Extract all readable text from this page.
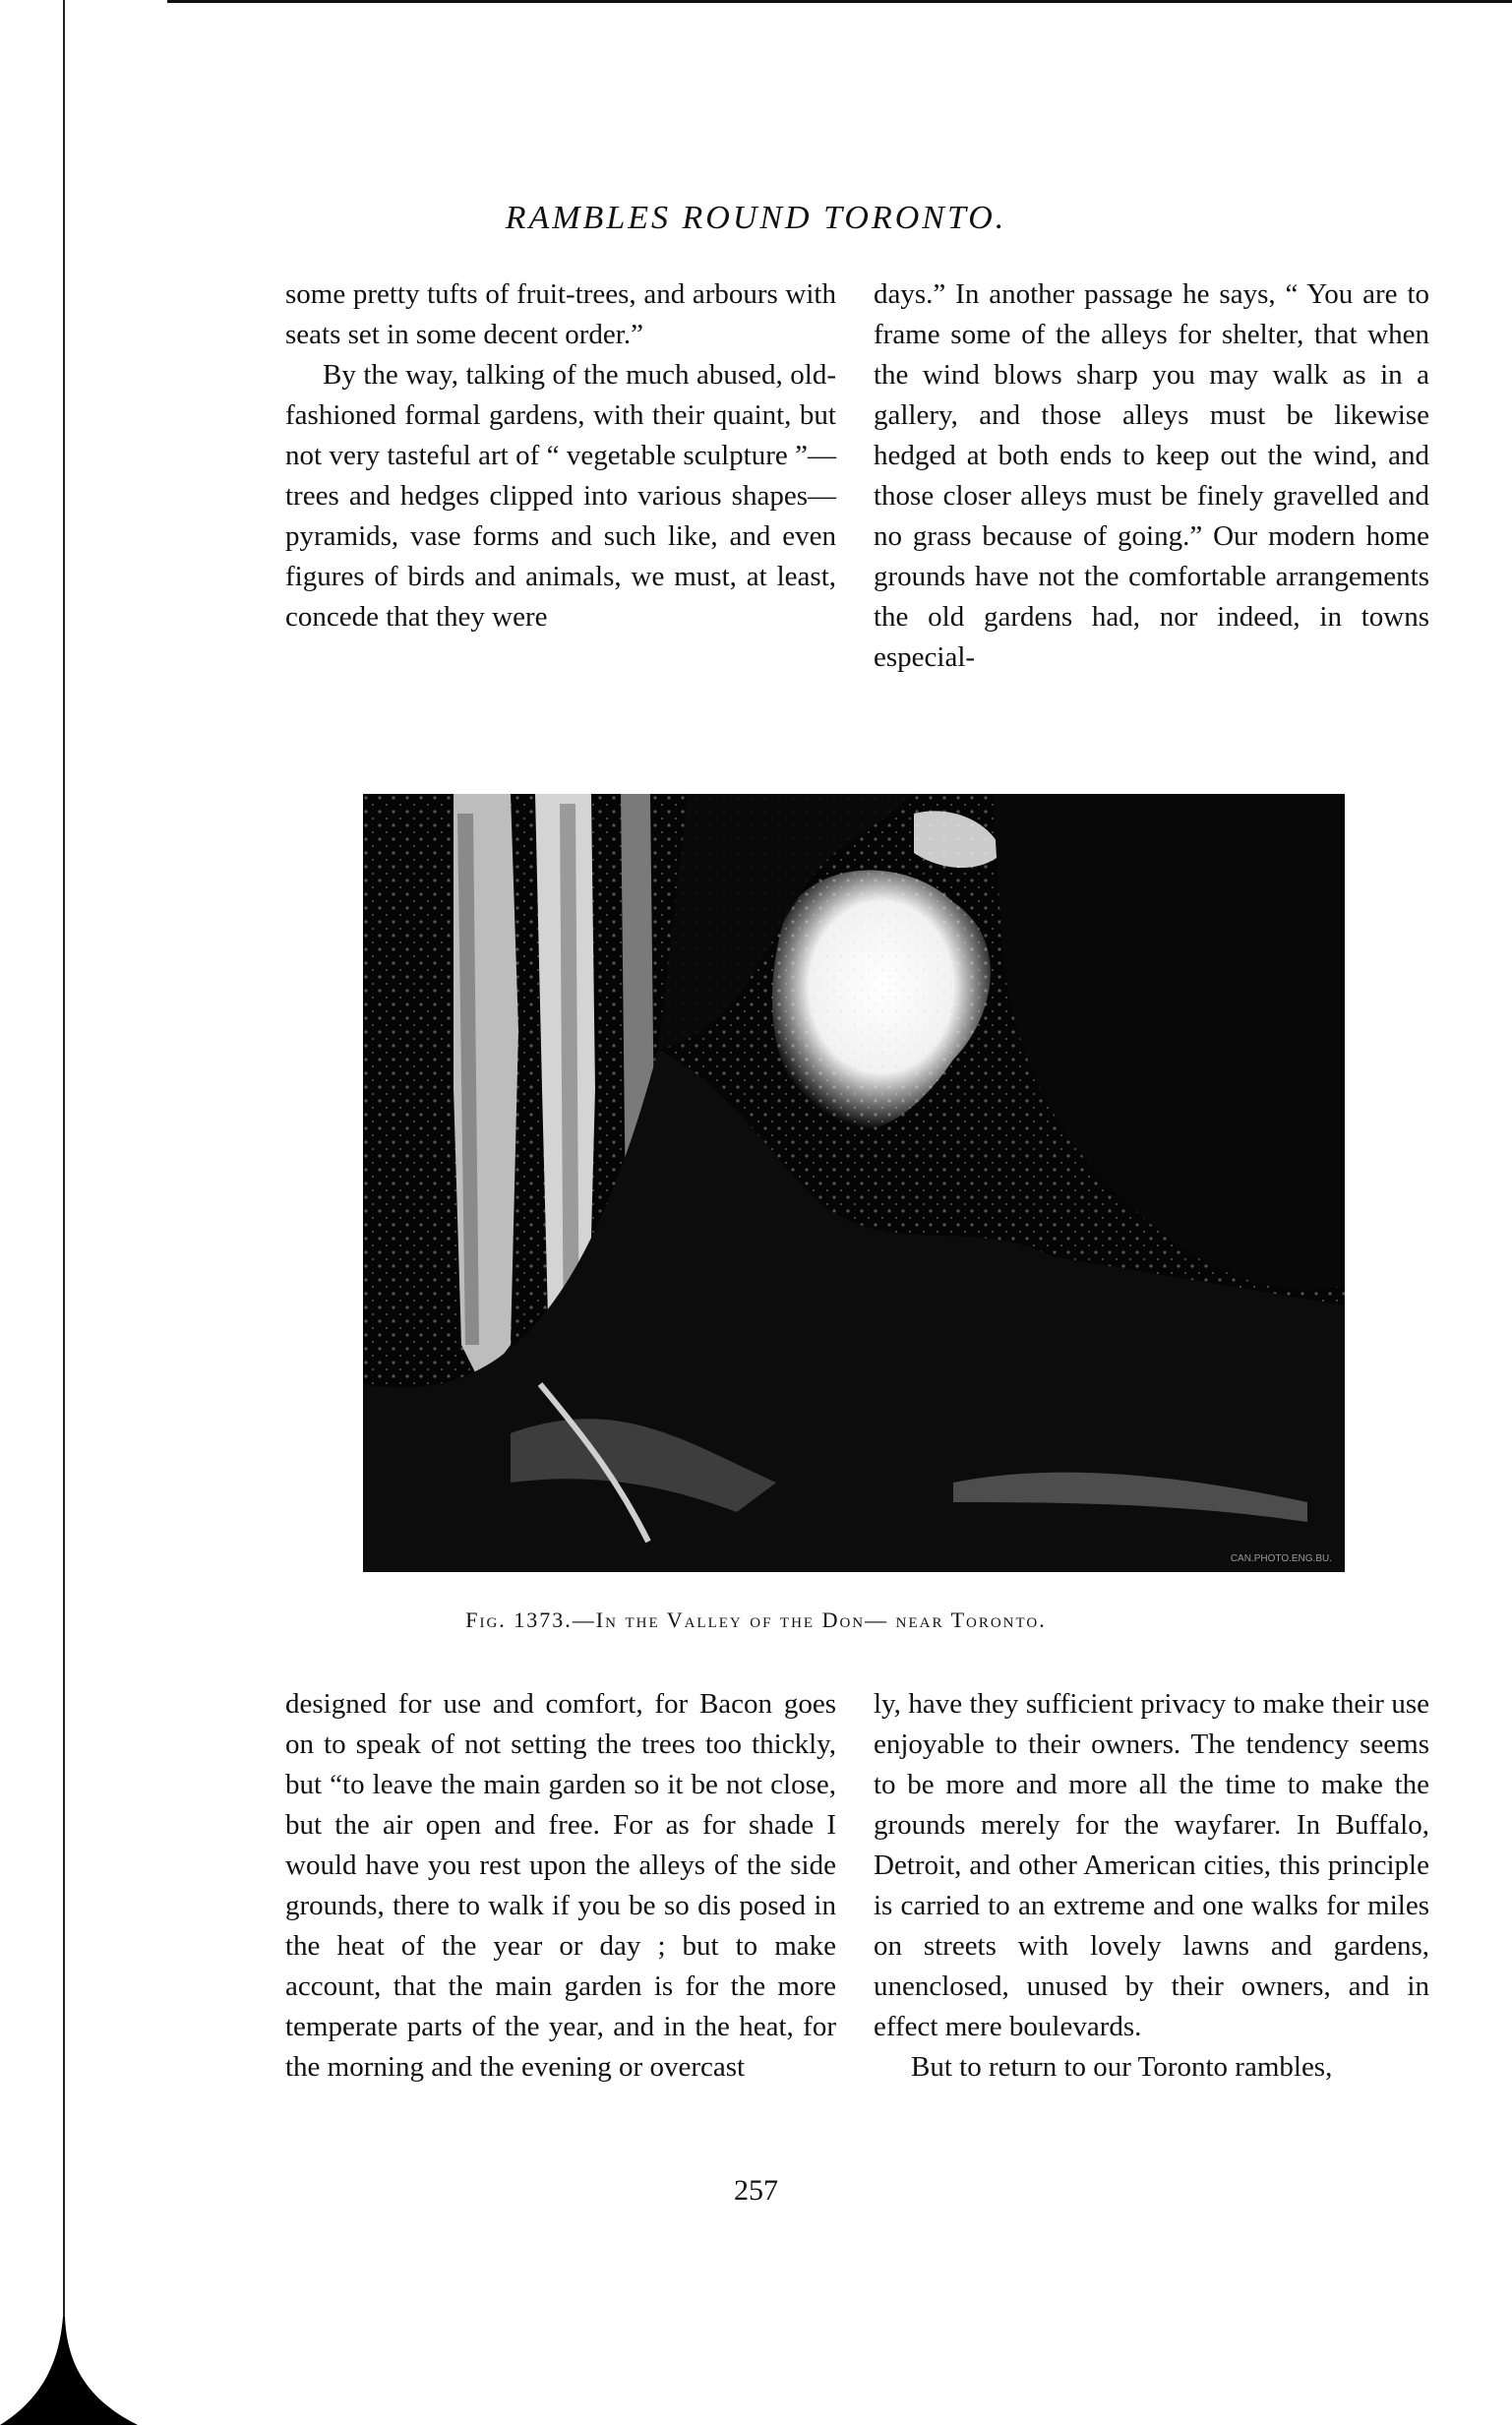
RAMBLES ROUND TORONTO.

some pretty tufts of fruit-trees, and arbours with seats set in some decent order.”

By the way, talking of the much abused, old-fashioned formal gardens, with their quaint, but not very tasteful art of “ vegetable sculpture ”—trees and hedges clipped into various shapes— pyramids, vase forms and such like, and even figures of birds and animals, we must, at least, concede that they were

days.” In another passage he says, “ You are to frame some of the alleys for shelter, that when the wind blows sharp you may walk as in a gallery, and those alleys must be likewise hedged at both ends to keep out the wind, and those closer alleys must be finely gravelled and no grass because of going.” Our modern home grounds have not the comfortable arrangements the old gardens had, nor indeed, in towns especial-

CAN.PHOTO.ENG.BU.
Fig. 1373.—In the Valley of the Don— near Toronto.

designed for use and comfort, for Bacon goes on to speak of not setting the trees too thickly, but “to leave the main garden so it be not close, but the air open and free. For as for shade I would have you rest upon the alleys of the side grounds, there to walk if you be so dis posed in the heat of the year or day ; but to make account, that the main garden is for the more temperate parts of the year, and in the heat, for the morning and the evening or overcast

ly, have they sufficient privacy to make their use enjoyable to their owners. The tendency seems to be more and more all the time to make the grounds merely for the wayfarer. In Buffalo, Detroit, and other American cities, this principle is carried to an extreme and one walks for miles on streets with lovely lawns and gardens, unenclosed, unused by their owners, and in effect mere boulevards.

But to return to our Toronto rambles,

257
